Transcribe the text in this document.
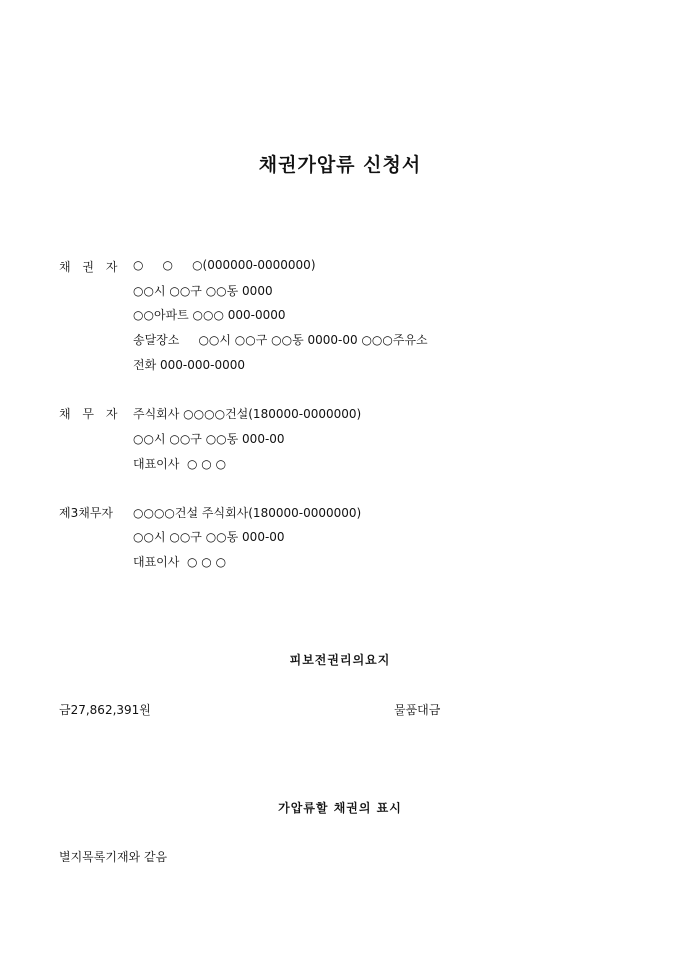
채권가압류 신청서
채 권 자 ○     ○     ○(000000-0000000)
○○시 ○○구 ○○동 0000
○○아파트 ○○○ 000-0000
송달장소     ○○시 ○○구 ○○동 0000-00 ○○○주유소
전화 000-000-0000
채 무 자 주식회사 ○○○○건설(180000-0000000)
○○시 ○○구 ○○동 000-00
대표이사  ○ ○ ○
제3채무자 ○○○○건설 주식회사(180000-0000000)
○○시 ○○구 ○○동 000-00
대표이사  ○ ○ ○
피보전권리의요지
금27,862,391원	물품대금
가압류할 채권의 표시
별지목록기재와 같음
